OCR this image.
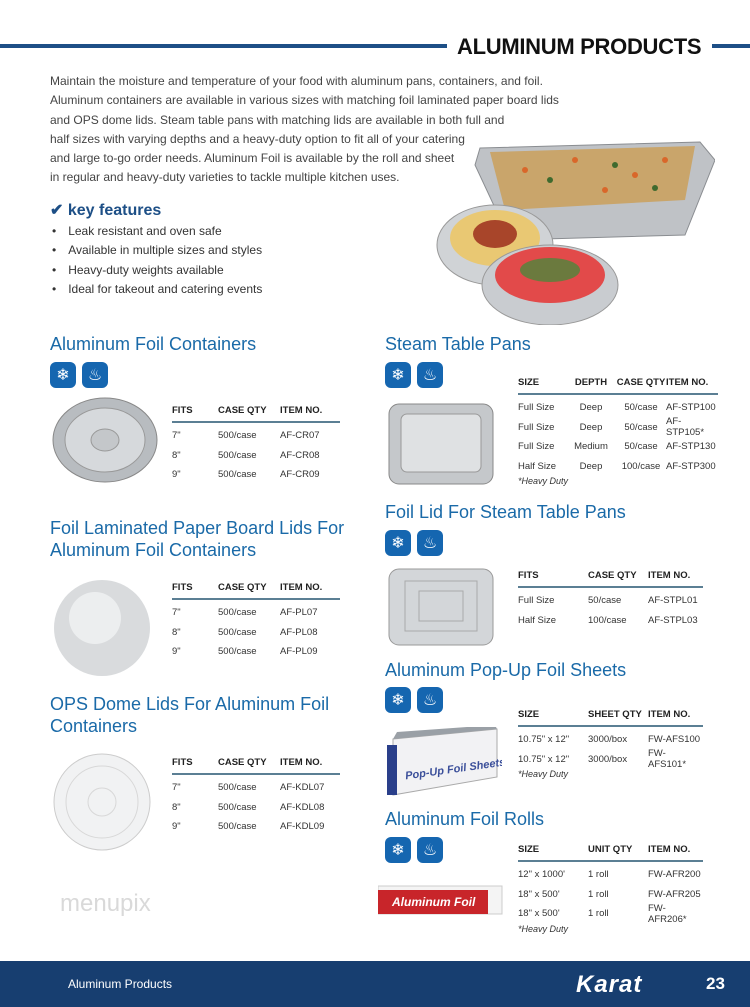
ALUMINUM PRODUCTS
Maintain the moisture and temperature of your food with aluminum pans, containers, and foil.
Aluminum containers are available in various sizes with matching foil laminated paper board lids
and OPS dome lids. Steam table pans with matching lids are available in both full and
half sizes with varying depths and a heavy-duty option to fit all of your catering
and large to-go order needs. Aluminum Foil is available by the roll and sheet
in regular and heavy-duty varieties to tackle multiple kitchen uses.
✔ key features
• Leak resistant and oven safe
• Available in multiple sizes and styles
• Heavy-duty weights available
• Ideal for takeout and catering events
Aluminum Foil Containers
❄	♨
FITS	CASE QTY	ITEM NO.
7"	500/case	AF-CR07
8"	500/case	AF-CR08
9"	500/case	AF-CR09
Foil Laminated Paper Board Lids For Aluminum Foil Containers
FITS	CASE QTY	ITEM NO.
7"	500/case	AF-PL07
8"	500/case	AF-PL08
9"	500/case	AF-PL09
OPS Dome Lids For Aluminum Foil Containers
FITS	CASE QTY	ITEM NO.
7"	500/case	AF-KDL07
8"	500/case	AF-KDL08
9"	500/case	AF-KDL09
Steam Table Pans
❄	♨	SIZE	DEPTH	CASE QTY ITEM NO.
Full Size	Deep	50/case AF-STP100
Full Size	Deep	50/case AF-STP105*
Full Size	Medium	50/case AF-STP130
Half Size	Deep	100/case AF-STP300
*Heavy Duty
Foil Lid For Steam Table Pans
❄	♨
FITS	CASE QTY	ITEM NO.
Full Size	50/case	AF-STPL01
Half Size	100/case	AF-STPL03
Aluminum Pop-Up Foil Sheets
❄	♨
Pop-Up Foil Sheets
SIZE	SHEET QTY ITEM NO.
10.75" x 12"	3000/box	FW-AFS100
10.75" x 12"	3000/box	FW-AFS101*
*Heavy Duty
Aluminum Foil Rolls
❄	♨
Aluminum Foil
SIZE	UNIT QTY	ITEM NO.
12" x 1000'	1 roll	FW-AFR200
18" x 500'	1 roll	FW-AFR205
18" x 500'	1 roll	FW-AFR206*
*Heavy Duty
menupix
Aluminum Products	Karat	23
